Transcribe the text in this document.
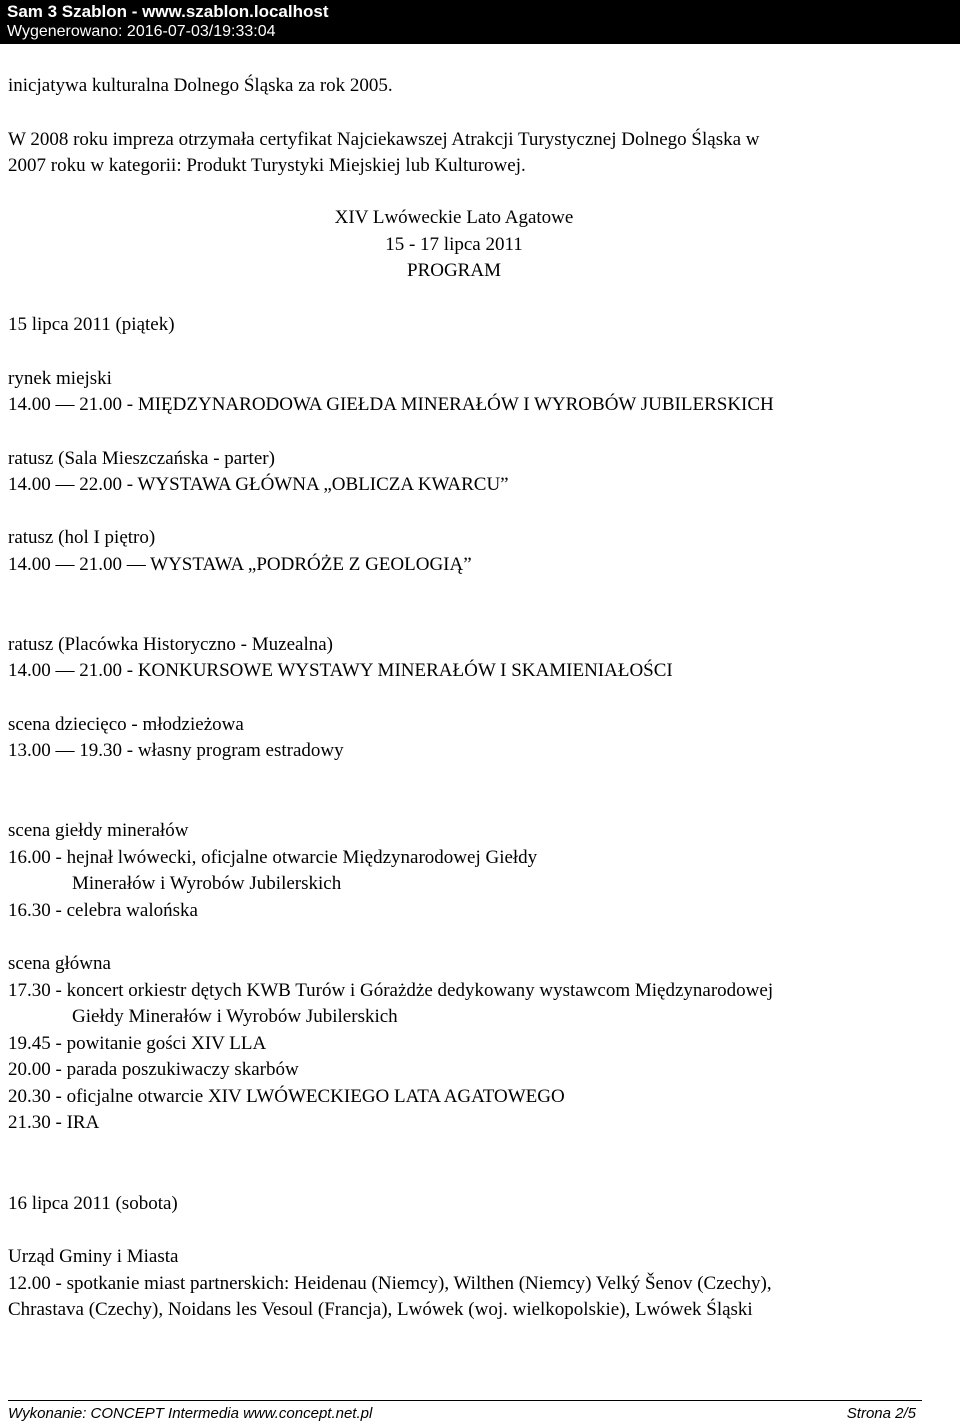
Sam 3 Szablon - www.szablon.localhost
Wygenerowano: 2016-07-03/19:33:04
inicjatywa kulturalna Dolnego Śląska za rok 2005.
W 2008 roku impreza otrzymała certyfikat Najciekawszej Atrakcji Turystycznej Dolnego Śląska w
2007 roku w kategorii: Produkt Turystyki Miejskiej lub Kulturowej.
XIV Lwóweckie Lato Agatowe
15 - 17 lipca 2011
PROGRAM
15 lipca 2011 (piątek)
rynek miejski
14.00 — 21.00 - MIĘDZYNARODOWA GIEŁDA MINERAŁÓW I WYROBÓW JUBILERSKICH
ratusz (Sala Mieszczańska - parter)
14.00 — 22.00 - WYSTAWA GŁÓWNA „OBLICZA KWARCU”
ratusz (hol I piętro)
14.00 — 21.00 — WYSTAWA „PODRÓŻE Z GEOLOGIĄ”
ratusz (Placówka Historyczno - Muzealna)
14.00 — 21.00 - KONKURSOWE WYSTAWY MINERAŁÓW I SKAMIENIAŁOŚCI
scena dziecięco - młodzieżowa
13.00 — 19.30 - własny program estradowy
scena giełdy minerałów
16.00 - hejnał lwówecki, oficjalne otwarcie Międzynarodowej Giełdy
Minerałów i Wyrobów Jubilerskich
16.30 - celebra walońska
scena główna
17.30 - koncert orkiestr dętych KWB Turów i Górażdże dedykowany wystawcom Międzynarodowej
Giełdy Minerałów i Wyrobów Jubilerskich
19.45 - powitanie gości XIV LLA
20.00 - parada poszukiwaczy skarbów
20.30 - oficjalne otwarcie XIV LWÓWECKIEGO LATA AGATOWEGO
21.30 - IRA
16 lipca 2011 (sobota)
Urząd Gminy i Miasta
12.00 - spotkanie miast partnerskich: Heidenau (Niemcy), Wilthen (Niemcy) Velký Šenov (Czechy),
Chrastava (Czechy), Noidans les Vesoul (Francja), Lwówek (woj. wielkopolskie), Lwówek Śląski
Wykonanie: CONCEPT Intermedia www.concept.net.pl	Strona 2/5
